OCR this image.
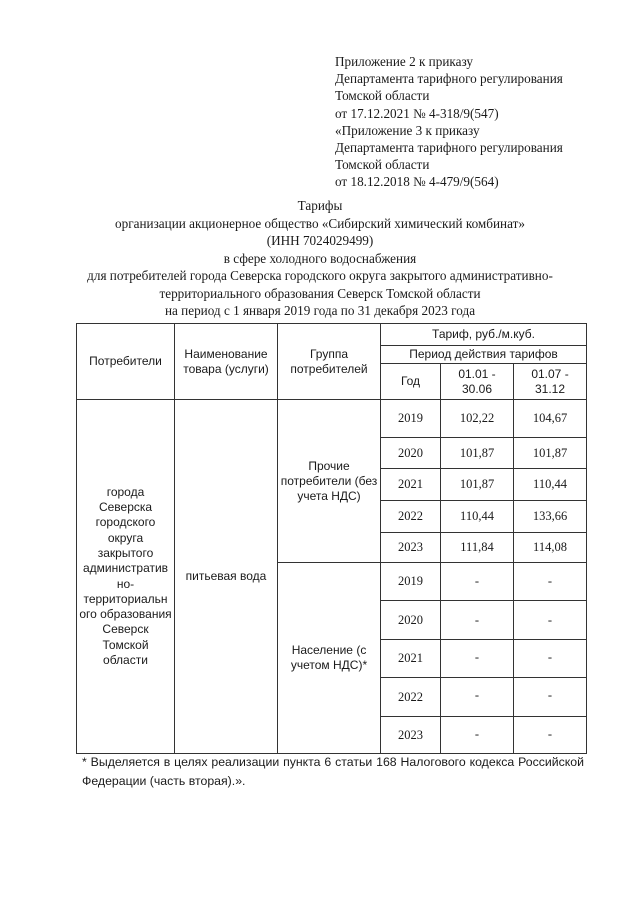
Приложение 2 к приказу
Департамента тарифного регулирования
Томской области
от 17.12.2021 № 4-318/9(547)
«Приложение 3 к приказу
Департамента тарифного регулирования
Томской области
от 18.12.2018 № 4-479/9(564)
Тарифы
организации акционерное общество «Сибирский химический комбинат»
(ИНН 7024029499)
в сфере холодного водоснабжения
для потребителей города Северска городского округа закрытого административно-
территориального образования Северск Томской области
на период с 1 января 2019 года по 31 декабря 2023 года
Потребители	Наименование товара (услуги)	Группа потребителей	Тариф, руб./м.куб.		
			Период действия тарифов		
			Год	01.01 - 30.06	01.07 - 31.12
города Северска городского округа закрытого административ но-территориальн ого образования Северск Томской области	питьевая вода	Прочие потребители (без учета НДС)	2019	102,22	104,67
			2020	101,87	101,87
			2021	101,87	110,44
			2022	110,44	133,66
			2023	111,84	114,08
		Население (с учетом НДС)*	2019	-	-
			2020	-	-
			2021	-	-
			2022	-	-
			2023	-	-
* Выделяется в целях реализации пункта 6 статьи 168 Налогового кодекса Российской Федерации (часть вторая).».
